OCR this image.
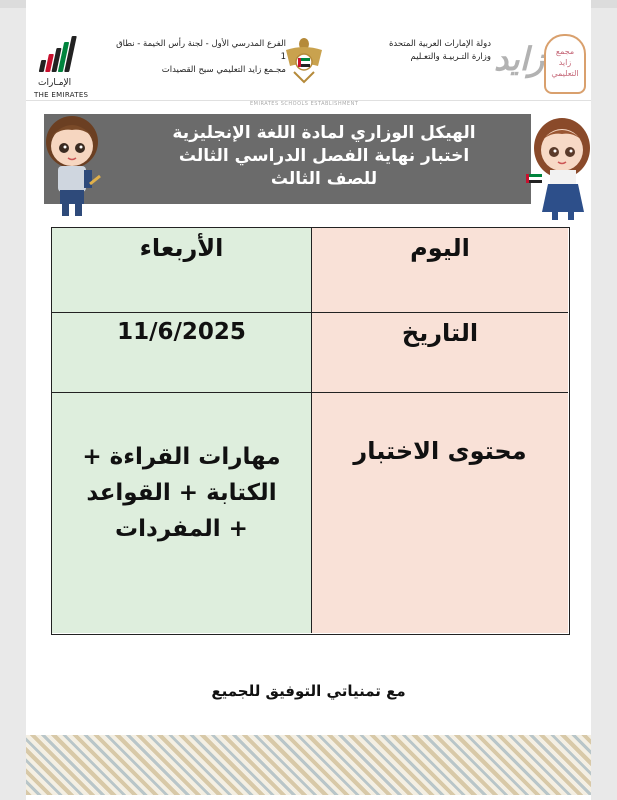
الإمـارات
THE EMIRATES
الفرع المدرسي الأول - لجنة رأس الخيمة - نطاق 1
مجـمع زايد التعليمي سيح القصيدات
دولة الإمارات العربية المتحدة
وزارة التـربيـة والتعـليم زايد	مجمع
زايد
التعليمي
EMIRATES SCHOOLS ESTABLISHMENT
الهيكل الوزاري لمادة اللغة الإنجليزية
اختبار نهاية الفصل الدراسي الثالث
للصف الثالث
اليوم
الأربعاء
التاريخ
11/6/2025
محتوى الاختبار
مهارات القراءة +
الكتابة + القواعد
+ المفردات
مع تمنياتي التوفيق للجميع
